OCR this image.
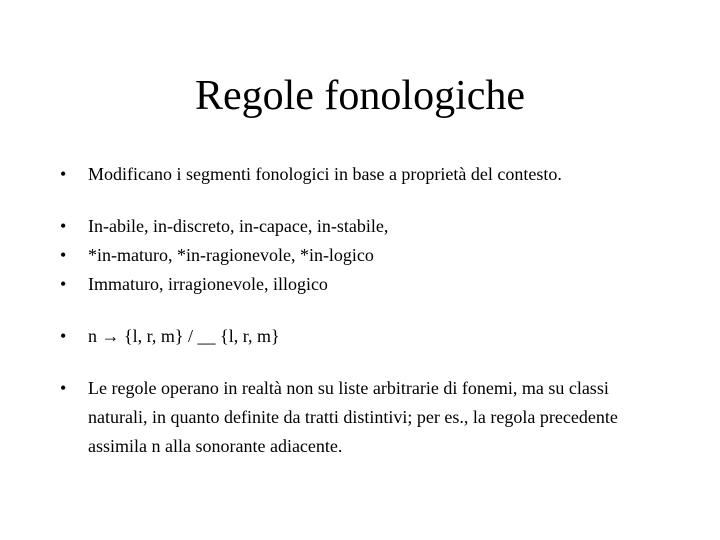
Regole fonologiche
• Modificano i segmenti fonologici in base a proprietà del contesto.
• In-abile, in-discreto, in-capace, in-stabile,
• *in-maturo, *in-ragionevole, *in-logico
• Immaturo, irragionevole, illogico
• n → {l, r, m} / __ {l, r, m}
• Le regole operano in realtà non su liste arbitrarie di fonemi, ma su classi naturali, in quanto definite da tratti distintivi; per es., la regola precedente assimila n alla sonorante adiacente.
